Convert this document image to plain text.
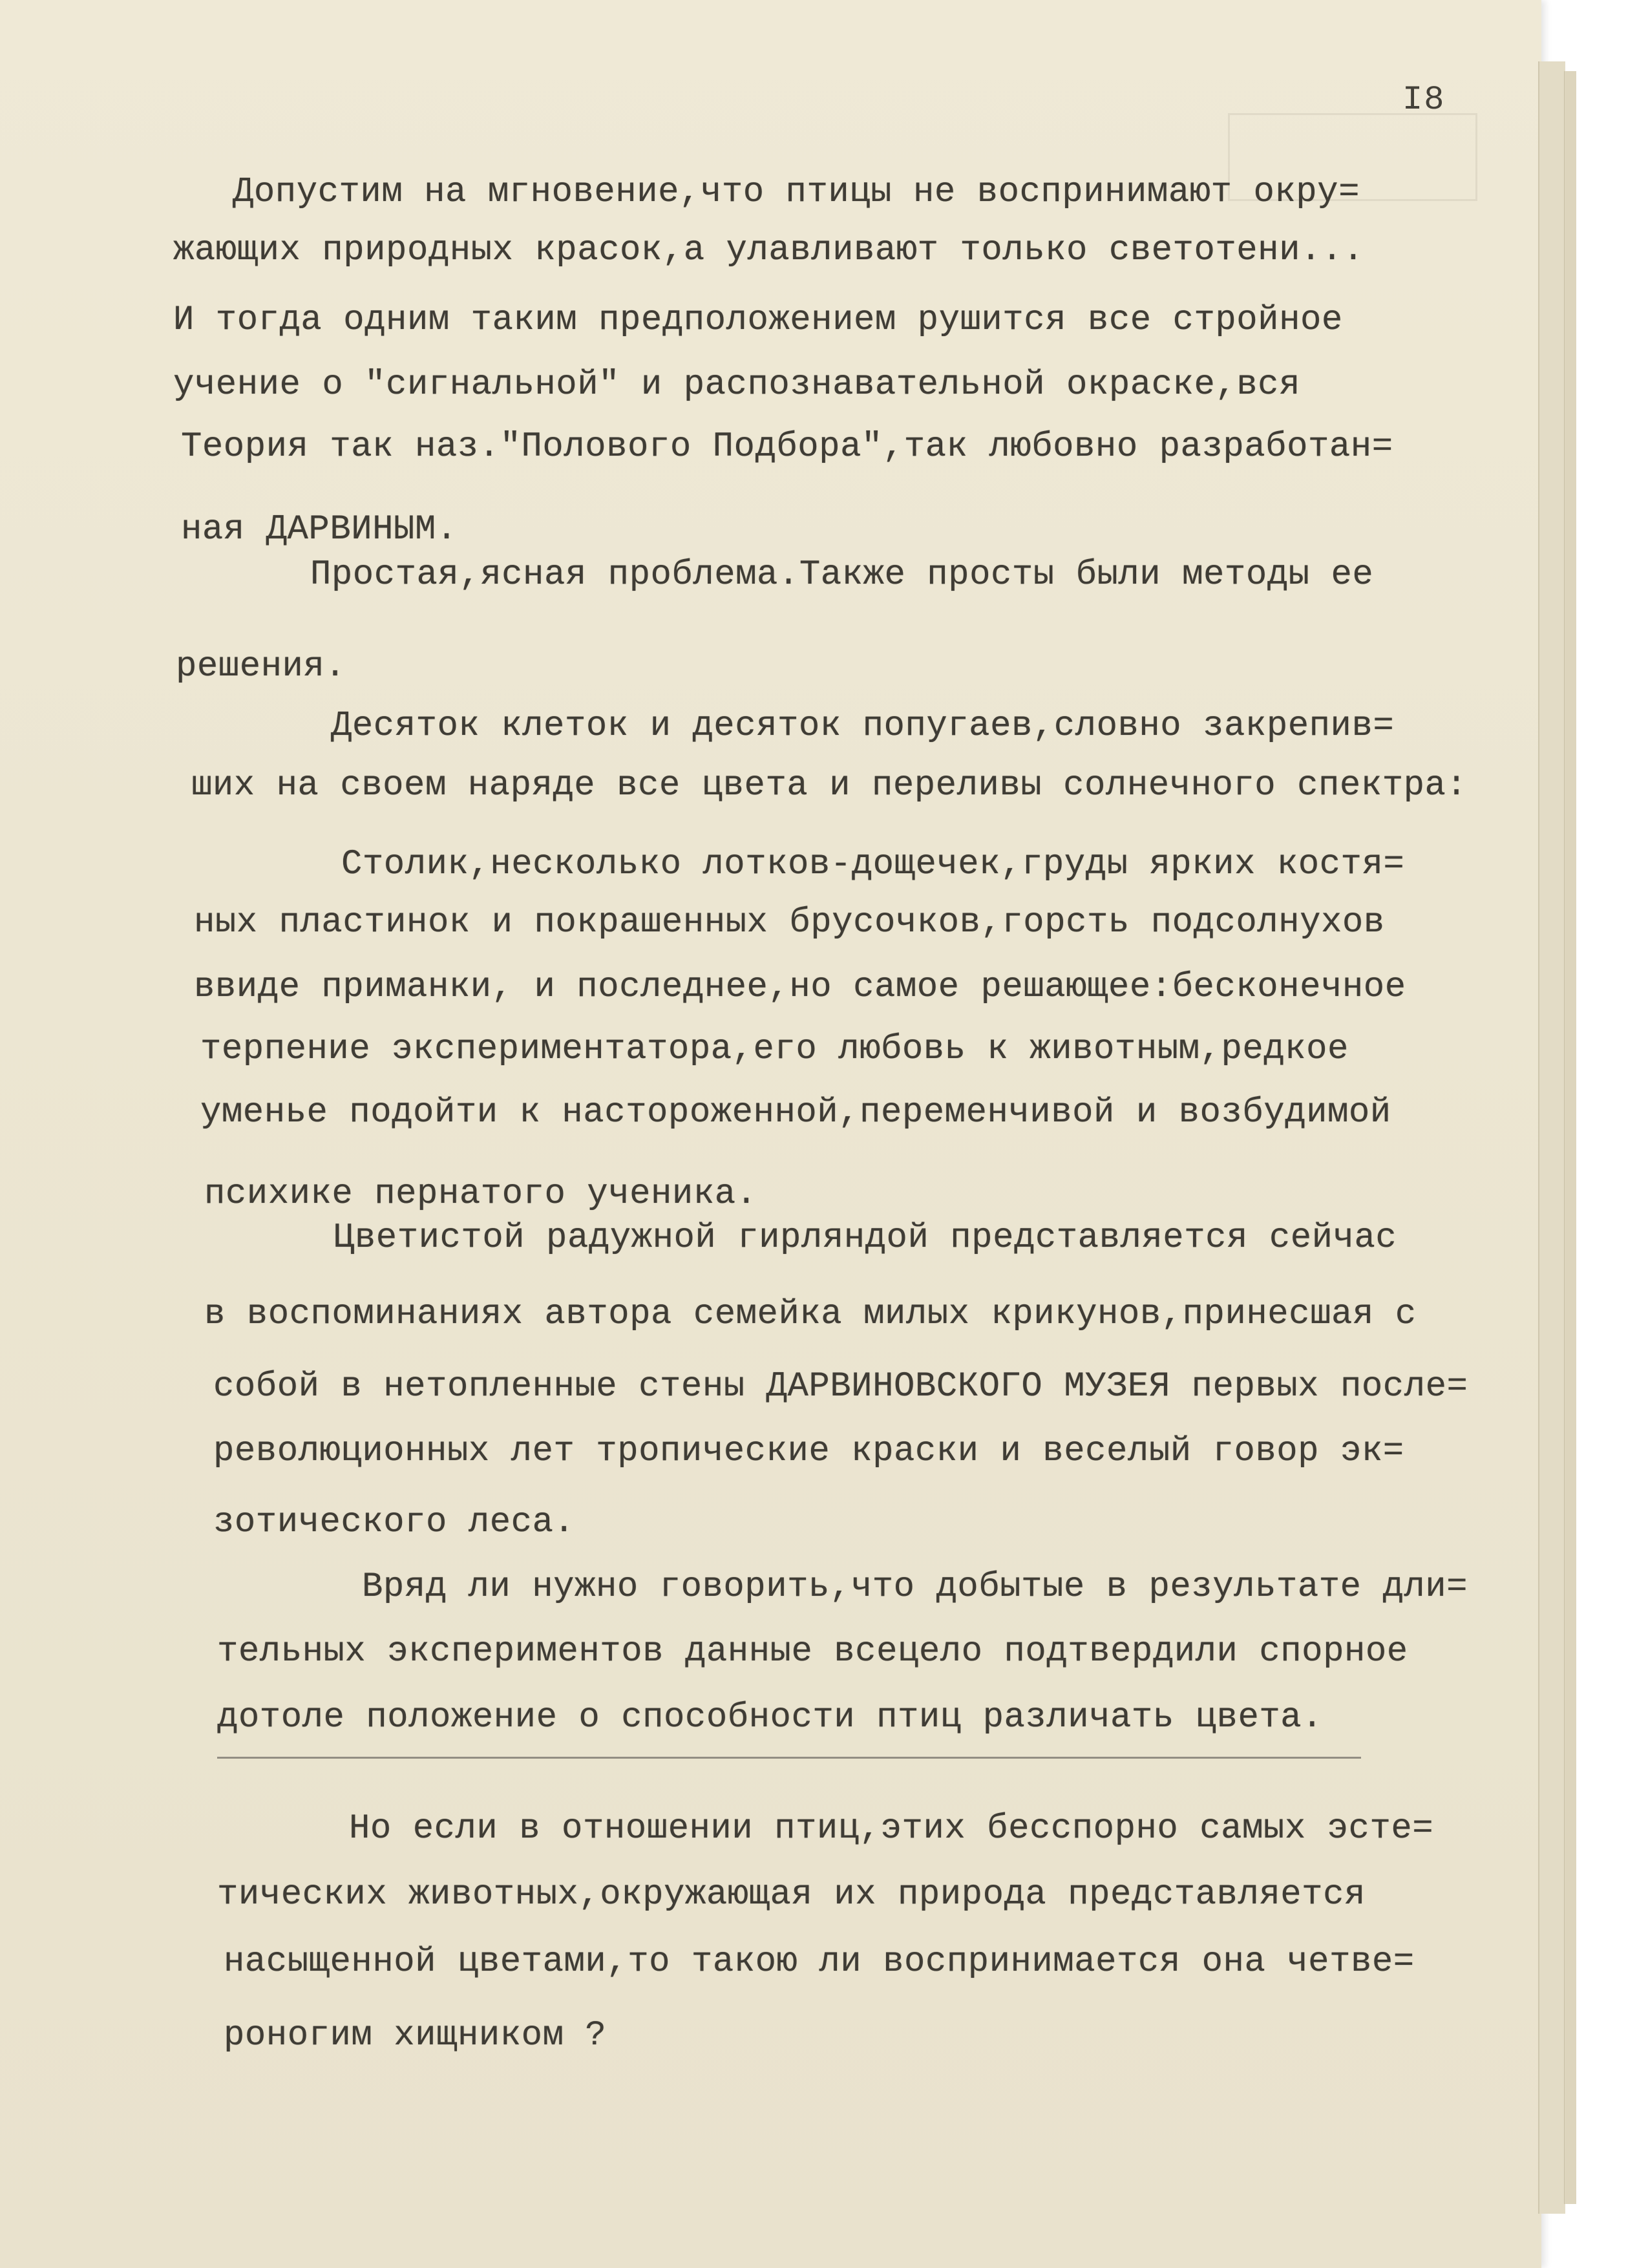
I8

Допустим на мгновение,что птицы не воспринимают окру=

жающих природных красок,а улавливают только светотени...

И тогда одним таким предположением рушится все стройное

учение о "сигнальной" и распознавательной окраске,вся

Теория так наз."Полового Подбора",так любовно разработан=

ная ДАРВИНЫМ.

Простая,ясная проблема.Также просты были методы ее

решения.

Десяток клеток и десяток попугаев,словно закрепив=

ших на своем наряде все цвета и переливы солнечного спектра:

Столик,несколько лотков-дощечек,груды ярких костя=

ных пластинок и покрашенных брусочков,горсть подсолнухов

ввиде приманки, и последнее,но самое решающее:бесконечное

терпение экспериментатора,его любовь к животным,редкое

уменье подойти к настороженной,переменчивой и возбудимой

психике пернатого ученика.

Цветистой радужной гирляндой представляется сейчас

в воспоминаниях автора семейка милых крикунов,принесшая с

собой в нетопленные стены ДАРВИНОВСКОГО МУЗЕЯ первых после=

революционных лет тропические краски и веселый говор эк=

зотического леса.

Вряд ли нужно говорить,что добытые в результате дли=

тельных экспериментов данные всецело подтвердили спорное

дотоле положение о способности птиц различать цвета.

Но если в отношении птиц,этих бесспорно самых эсте=

тических животных,окружающая их природа представляется

насыщенной цветами,то такою ли воспринимается она четве=

роногим хищником ?
